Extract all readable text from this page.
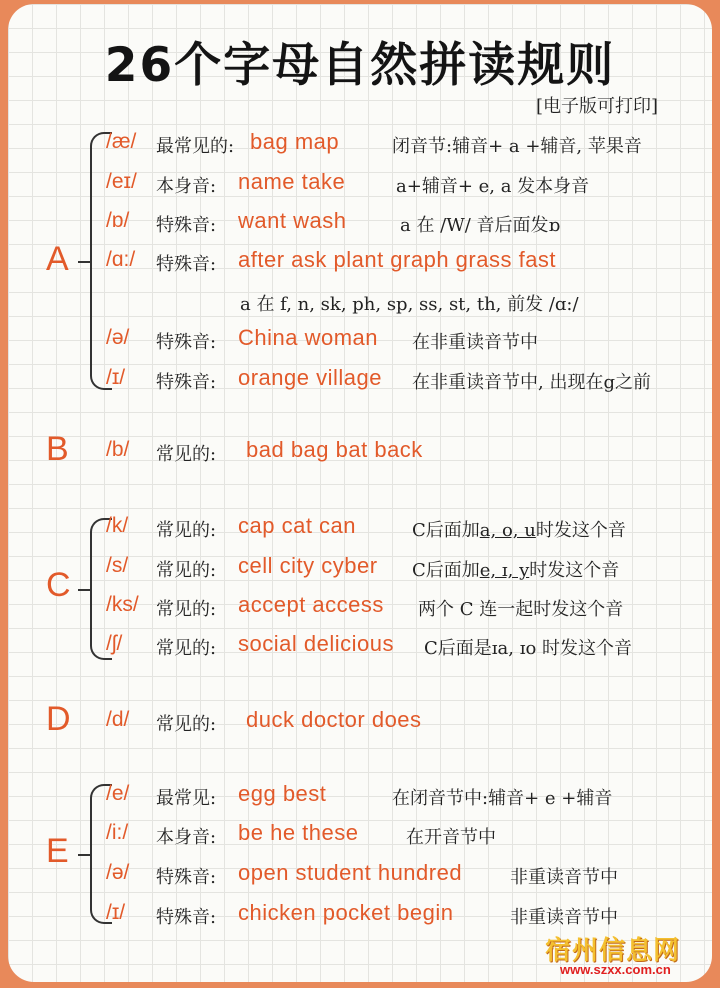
26个字母自然拼读规则
[电子版可打印]
A
/æ/ 最常见的: bag map	闭音节:辅音+ a +辅音, 苹果音
/eɪ/ 本身音: name take	a+辅音+ e, a 发本身音
/ɒ/ 特殊音: want wash	a 在 /W/ 音后面发ɒ
/ɑ:/ 特殊音: after ask plant graph grass fast
a 在 f, n, sk, ph, sp, ss, st, th, 前发 /ɑ:/
/ə/ 特殊音: China woman 在非重读音节中
/ɪ/ 特殊音: orange village 在非重读音节中, 出现在g之前
B /b/ 常见的: bad bag bat back
C
/k/ 常见的: cap cat can	C后面加a, o, u时发这个音
/s/ 常见的: cell city cyber C后面加e, ɪ, y时发这个音
/ks/ 常见的: accept access 两个 C 连一起时发这个音
/ʃ/ 常见的: social delicious C后面是ɪa, ɪo 时发这个音
D /d/ 常见的: duck doctor does
E
/e/ 最常见: egg best	在闭音节中:辅音+ e +辅音
/i:/ 本身音: be he these	在开音节中
/ə/ 特殊音: open student hundred	非重读音节中
/ɪ/ 特殊音: chicken pocket begin	非重读音节中
宿州信息网
www.szxx.com.cn
